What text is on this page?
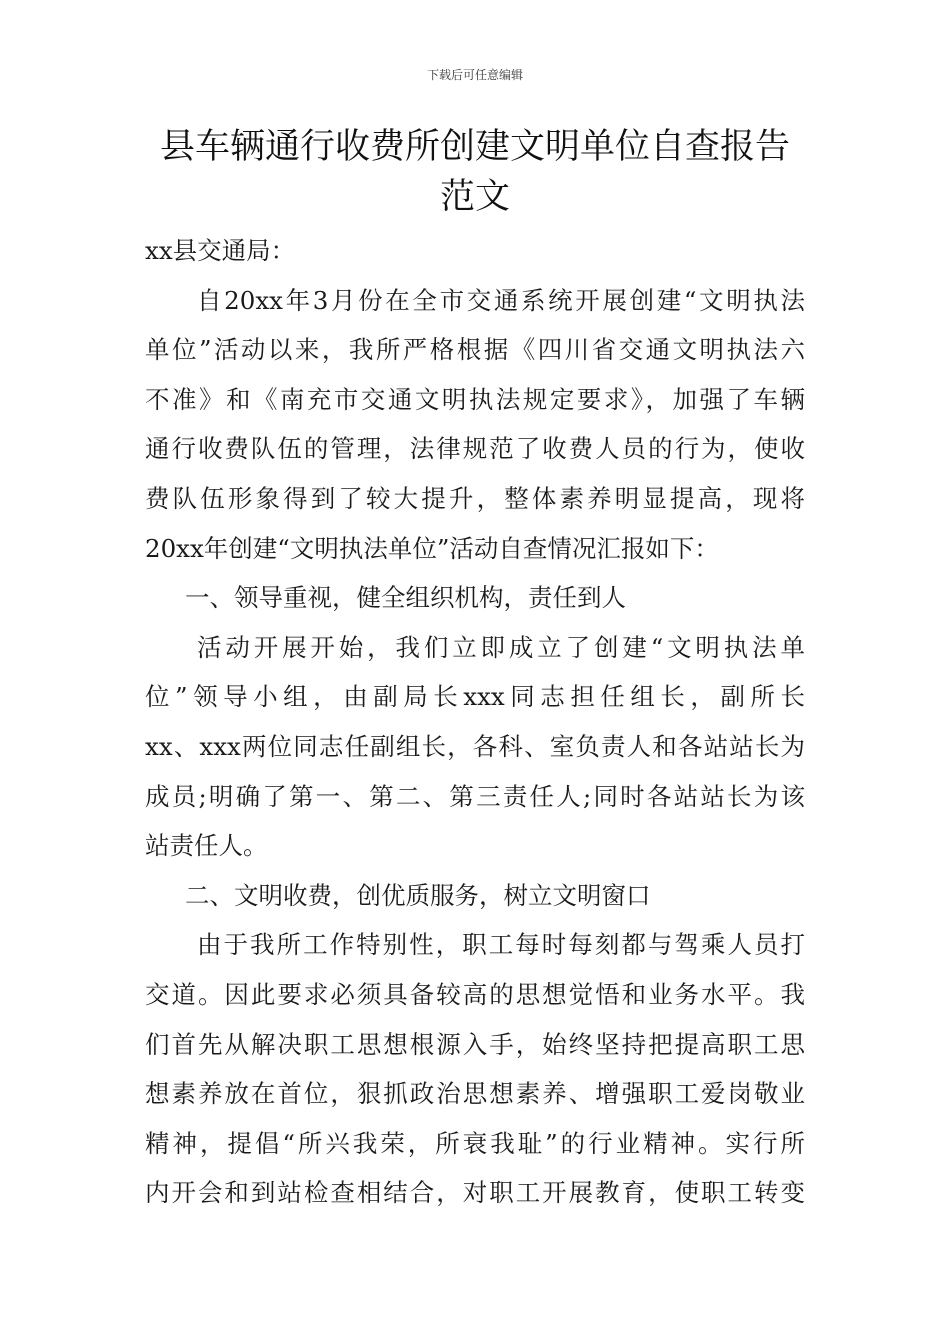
下载后可任意编辑
县车辆通行收费所创建文明单位自查报告
范文
xx县交通局：
自20xx年3月份在全市交通系统开展创建“文明执法
单位”活动以来，我所严格根据《四川省交通文明执法六
不准》和《南充市交通文明执法规定要求》，加强了车辆
通行收费队伍的管理，法律规范了收费人员的行为，使收
费队伍形象得到了较大提升，整体素养明显提高，现将
20xx年创建“文明执法单位”活动自查情况汇报如下：
一、领导重视，健全组织机构，责任到人
活动开展开始，我们立即成立了创建“文明执法单
位”领导小组，由副局长xxx同志担任组长，副所长
xx、xxx两位同志任副组长，各科、室负责人和各站站长为
成员;明确了第一、第二、第三责任人;同时各站站长为该
站责任人。
二、文明收费，创优质服务，树立文明窗口
由于我所工作特别性，职工每时每刻都与驾乘人员打
交道。因此要求必须具备较高的思想觉悟和业务水平。我
们首先从解决职工思想根源入手，始终坚持把提高职工思
想素养放在首位，狠抓政治思想素养、增强职工爱岗敬业
精神，提倡“所兴我荣，所衰我耻”的行业精神。实行所
内开会和到站检查相结合，对职工开展教育，使职工转变
